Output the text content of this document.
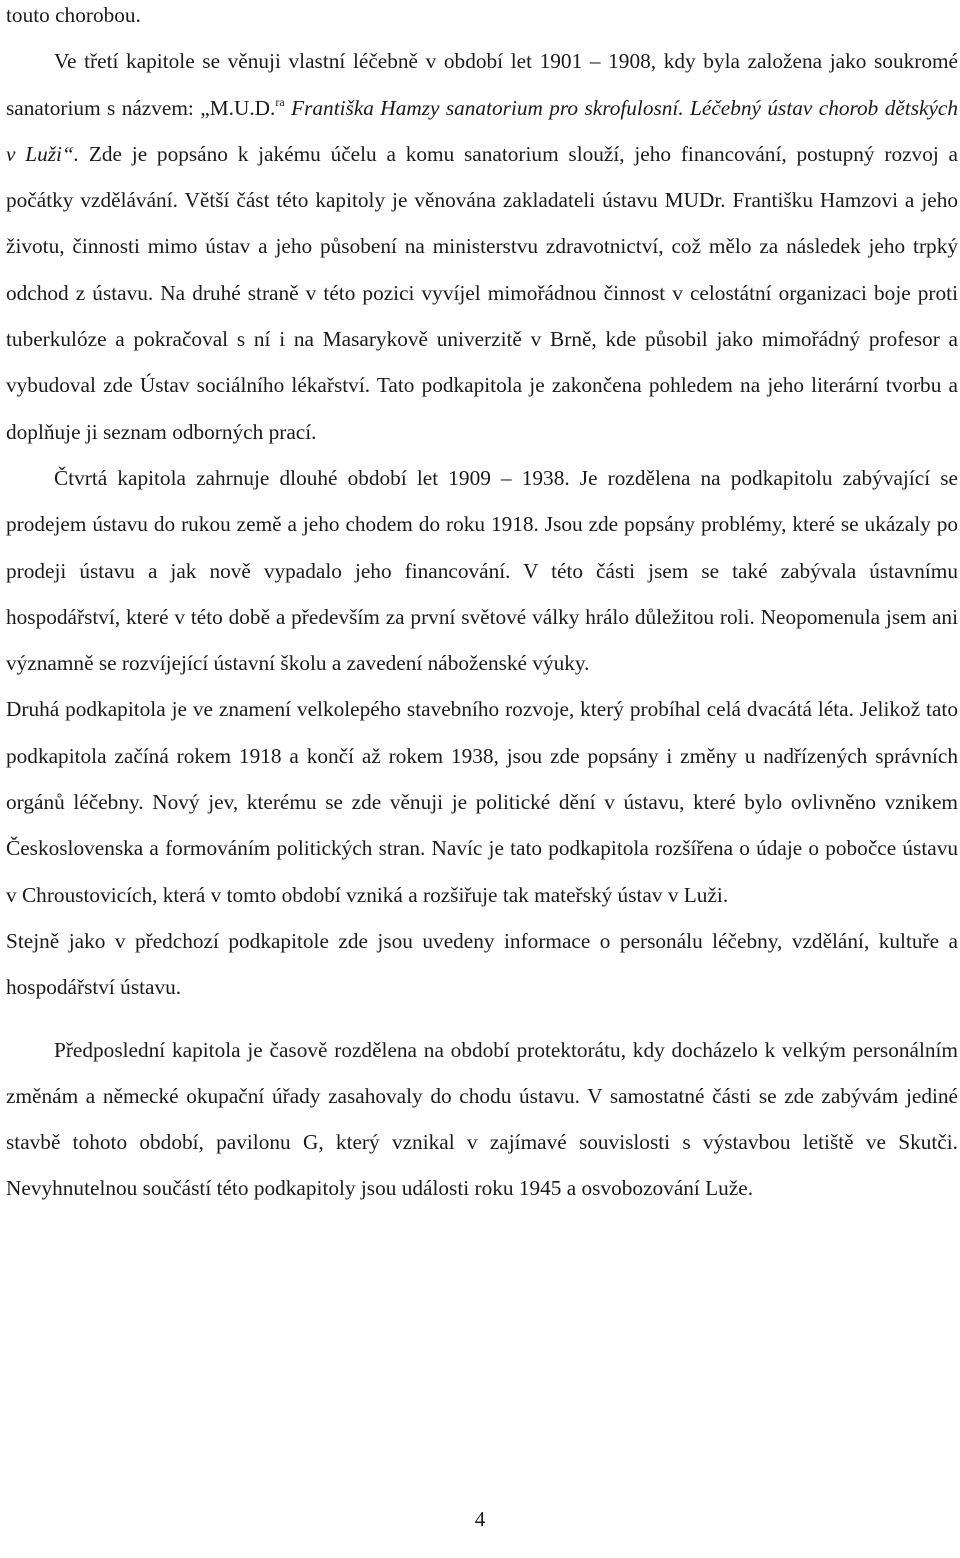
touto chorobou.

Ve třetí kapitole se věnuji vlastní léčebně v období let 1901 – 1908, kdy byla založena jako soukromé sanatorium s názvem: „M.U.D.$^{ra}$ Františka Hamzy sanatorium pro skrofulosní. Léčebný ústav chorob dětských v Luži“. Zde je popsáno k jakému účelu a komu sanatorium slouží, jeho financování, postupný rozvoj a počátky vzdělávání. Větší část této kapitoly je věnována zakladateli ústavu MUDr. Františku Hamzovi a jeho životu, činnosti mimo ústav a jeho působení na ministerstvu zdravotnictví, což mělo za následek jeho trpký odchod z ústavu. Na druhé straně v této pozici vyvíjel mimořádnou činnost v celostátní organizaci boje proti tuberkulóze a pokračoval s ní i na Masarykově univerzitě v Brně, kde působil jako mimořádný profesor a vybudoval zde Ústav sociálního lékařství. Tato podkapitola je zakončena pohledem na jeho literární tvorbu a doplňuje ji seznam odborných prací.

Čtvrtá kapitola zahrnuje dlouhé období let 1909 – 1938. Je rozdělena na podkapitolu zabývající se prodejem ústavu do rukou země a jeho chodem do roku 1918. Jsou zde popsány problémy, které se ukázaly po prodeji ústavu a jak nově vypadalo jeho financování. V této části jsem se také zabývala ústavnímu hospodářství, které v této době a především za první světové války hrálo důležitou roli. Neopomenula jsem ani významně se rozvíjející ústavní školu a zavedení náboženské výuky.

Druhá podkapitola je ve znamení velkolepého stavebního rozvoje, který probíhal celá dvacátá léta. Jelikož tato podkapitola začíná rokem 1918 a končí až rokem 1938, jsou zde popsány i změny u nadřízených správních orgánů léčebny. Nový jev, kterému se zde věnuji je politické dění v ústavu, které bylo ovlivněno vznikem Československa a formováním politických stran. Navíc je tato podkapitola rozšířena o údaje o pobočce ústavu v Chroustovicích, která v tomto období vzniká a rozšiřuje tak mateřský ústav v Luži.

Stejně jako v předchozí podkapitole zde jsou uvedeny informace o personálu léčebny, vzdělání, kultuře a hospodářství ústavu.

Předposlední kapitola je časově rozdělena na období protektorátu, kdy docházelo k velkým personálním změnám a německé okupační úřady zasahovaly do chodu ústavu. V samostatné části se zde zabývám jediné stavbě tohoto období, pavilonu G, který vznikal v zajímavé souvislosti s výstavbou letiště ve Skutči. Nevyhnutelnou součástí této podkapitoly jsou události roku 1945 a osvobozování Luže.

4
